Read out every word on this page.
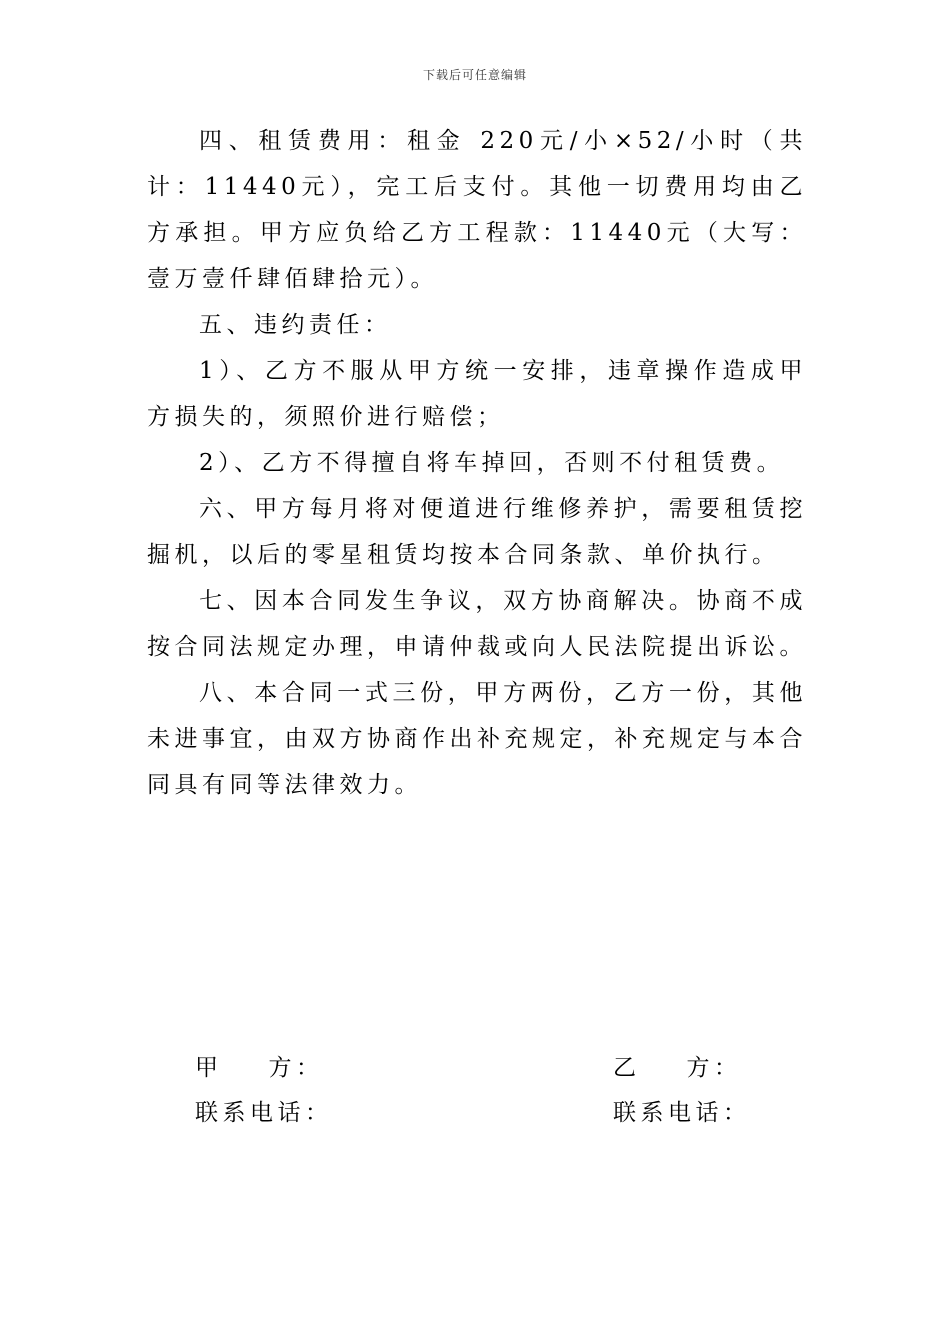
下载后可任意编辑

四、租赁费用：租金 220元/小×52/小时（共计：11440元），完工后支付。其他一切费用均由乙方承担。甲方应负给乙方工程款：11440元（大写：壹万壹仟肆佰肆拾元）。

五、违约责任：

1）、乙方不服从甲方统一安排，违章操作造成甲方损失的，须照价进行赔偿；

2）、乙方不得擅自将车掉回，否则不付租赁费。

六、甲方每月将对便道进行维修养护，需要租赁挖掘机，以后的零星租赁均按本合同条款、单价执行。

七、因本合同发生争议，双方协商解决。协商不成按合同法规定办理，申请仲裁或向人民法院提出诉讼。

八、本合同一式三份，甲方两份，乙方一份，其他未进事宜，由双方协商作出补充规定，补充规定与本合同具有同等法律效力。

甲 方：
联系电话：
乙 方：
联系电话：
